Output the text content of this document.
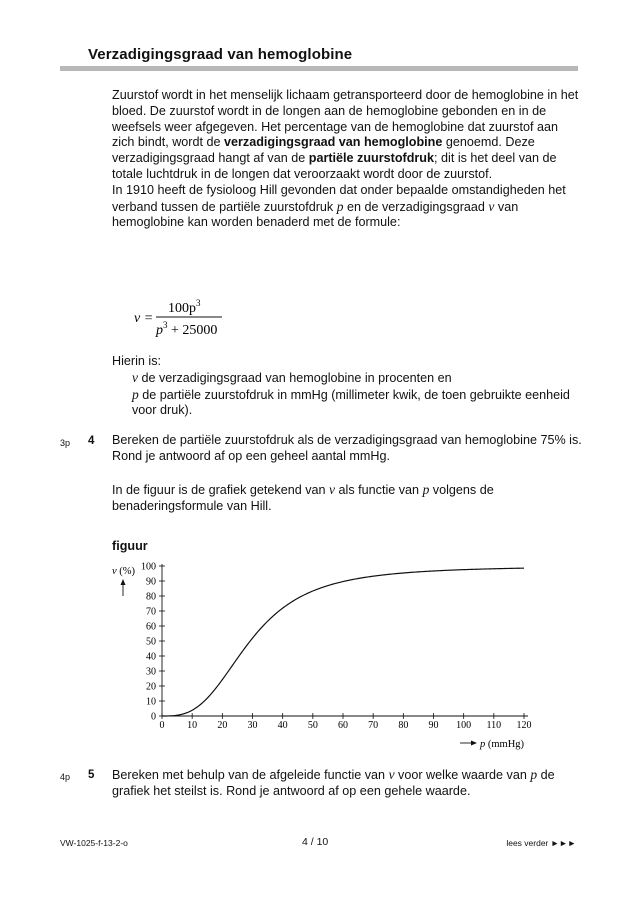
Verzadigingsgraad van hemoglobine

Zuurstof wordt in het menselijk lichaam getransporteerd door de hemoglobine in het bloed. De zuurstof wordt in de longen aan de hemoglobine gebonden en in de weefsels weer afgegeven. Het percentage van de hemoglobine dat zuurstof aan zich bindt, wordt de verzadigingsgraad van hemoglobine genoemd. Deze verzadigingsgraad hangt af van de partiële zuurstofdruk; dit is het deel van de totale luchtdruk in de longen dat veroorzaakt wordt door de zuurstof.

In 1910 heeft de fysioloog Hill gevonden dat onder bepaalde omstandigheden het verband tussen de partiële zuurstofdruk p en de verzadigingsgraad v van hemoglobine kan worden benaderd met de formule:

v =
$100p^3$
$p^3 + 25000$

Hierin is:

v de verzadigingsgraad van hemoglobine in procenten en

p de partiële zuurstofdruk in mmHg (millimeter kwik, de toen gebruikte eenheid voor druk).

3p 4 Bereken de partiële zuurstofdruk als de verzadigingsgraad van hemoglobine 75% is. Rond je antwoord af op een geheel aantal mmHg.
In de figuur is de grafiek getekend van v als functie van p volgens de benaderingsformule van Hill.
figuur
0 10 20 30 40 50 60 70 80 90 100 110 120
0
10
20
30
40
50
60
70
80
90
100
v (%)
p (mmHg)
4p 5 Bereken met behulp van de afgeleide functie van v voor welke waarde van p de grafiek het steilst is. Rond je antwoord af op een gehele waarde.
VW-1025-f-13-2-o	4 / 10	lees verder ►►►
